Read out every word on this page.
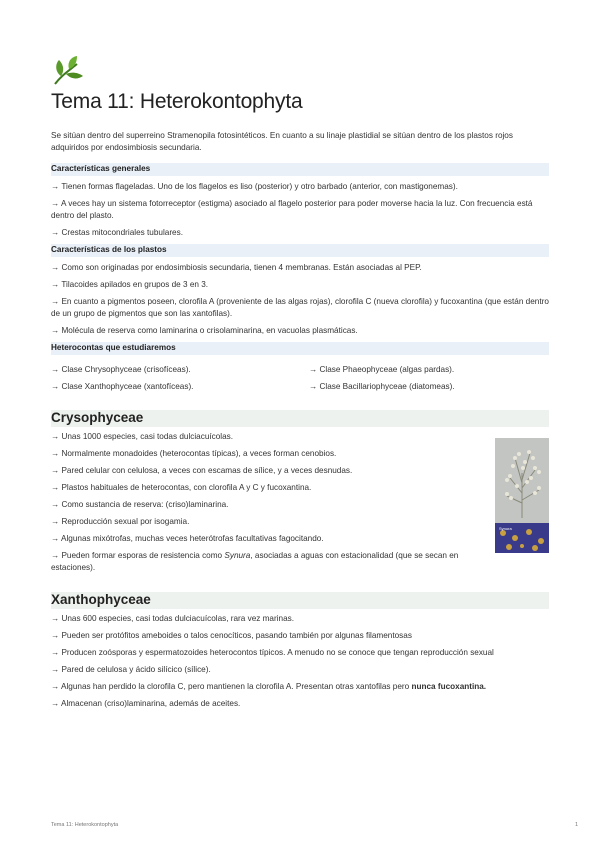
Tema 11: Heterokontophyta
Se sitúan dentro del superreino Stramenopila fotosintéticos. En cuanto a su linaje plastidial se sitúan dentro de los plastos rojos adquiridos por endosimbiosis secundaria.
Características generales
→ Tienen formas flageladas. Uno de los flagelos es liso (posterior) y otro barbado (anterior, con mastigonemas).
→ A veces hay un sistema fotorreceptor (estigma) asociado al flagelo posterior para poder moverse hacia la luz. Con frecuencia está dentro del plasto.
→ Crestas mitocondriales tubulares.
Características de los plastos
→ Como son originadas por endosimbiosis secundaria, tienen 4 membranas. Están asociadas al PEP.
→ Tilacoides apilados en grupos de 3 en 3.
→ En cuanto a pigmentos poseen, clorofila A (proveniente de las algas rojas), clorofila C (nueva clorofila) y fucoxantina (que están dentro de un grupo de pigmentos que son las xantofilas).
→ Molécula de reserva como laminarina o crisolaminarina, en vacuolas plasmáticas.
Heterocontas que estudiaremos
→ Clase Chrysophyceae (crisofíceas).
→ Clase Xanthophyceae (xantofíceas).
→ Clase Phaeophyceae (algas pardas).
→ Clase Bacillariophyceae (diatomeas).
Crysophyceae
→ Unas 1000 especies, casi todas dulciacuícolas.
→ Normalmente monadoides (heterocontas típicas), a veces forman cenobios.
→ Pared celular con celulosa, a veces con escamas de sílice, y a veces desnudas.
→ Plastos habituales de heterocontas, con clorofila A y C y fucoxantina.
→ Como sustancia de reserva: (criso)laminarina.
→ Reproducción sexual por isogamia.
→ Algunas mixótrofas, muchas veces heterótrofas facultativas fagocitando.
→ Pueden formar esporas de resistencia como Synura, asociadas a aguas con estacionalidad (que se secan en estaciones).
Synura
Xanthophyceae
→ Unas 600 especies, casi todas dulciacuícolas, rara vez marinas.
→ Pueden ser protófitos ameboides o talos cenocíticos, pasando también por algunas filamentosas
→ Producen zoósporas y espermatozoides heterocontos típicos. A menudo no se conoce que tengan reproducción sexual
→ Pared de celulosa y ácido silícico (sílice).
→ Algunas han perdido la clorofila C, pero mantienen la clorofila A. Presentan otras xantofilas pero nunca fucoxantina.
→ Almacenan (criso)laminarina, además de aceites.
Tema 11: Heterokontophyta	1
